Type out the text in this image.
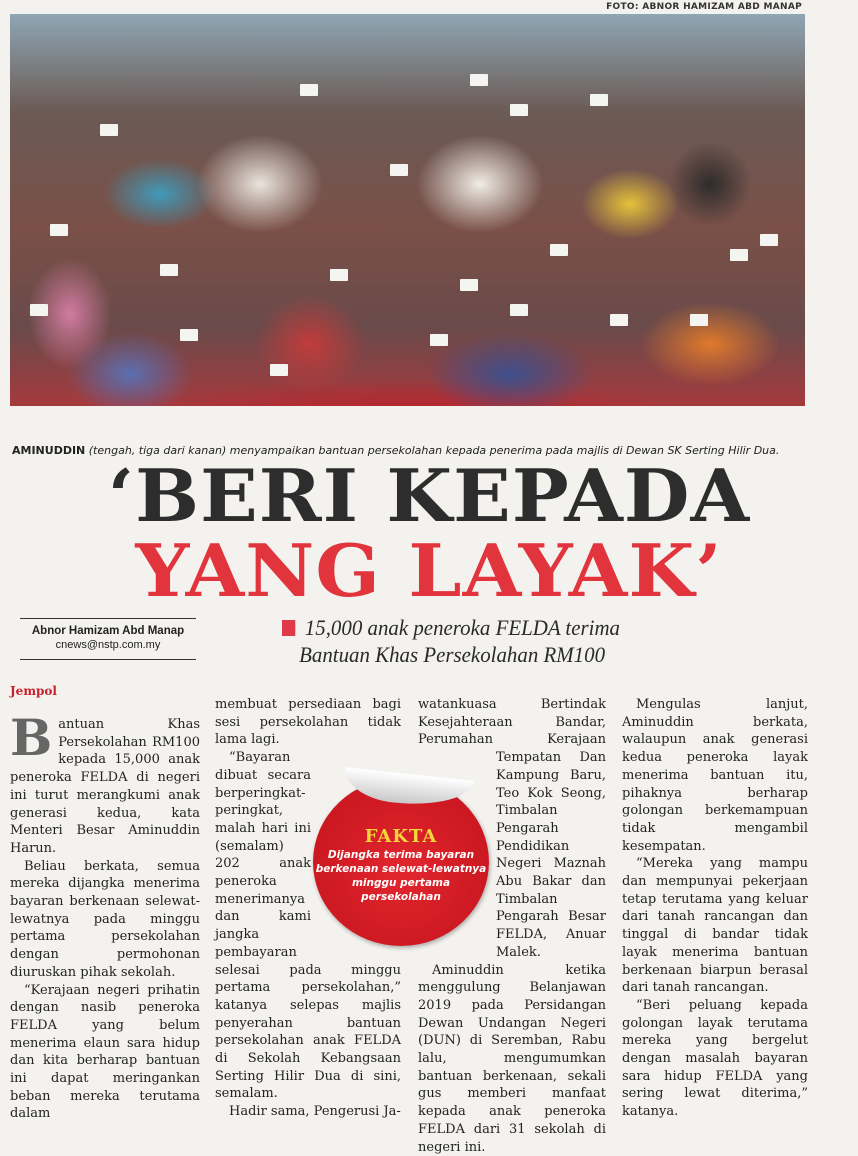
FOTO: ABNOR HAMIZAM ABD MANAP
AMINUDDIN (tengah, tiga dari kanan) menyampaikan bantuan persekolahan kepada penerima pada majlis di Dewan SK Serting Hilir Dua.
‘BERI KEPADA
YANG LAYAK’
Abnor Hamizam Abd Manap
cnews@nstp.com.my
15,000 anak peneroka FELDA terima
Bantuan Khas Persekolahan RM100
Jempol

Bantuan Khas Persekolahan RM100 kepada 15,000 anak peneroka FELDA di negeri ini turut merangkumi anak generasi kedua, kata Menteri Besar Aminuddin Harun.

Beliau berkata, semua mereka dijangka menerima bayaran berkenaan selewat-lewatnya pada minggu pertama persekolahan dengan permohonan diuruskan pihak sekolah.

“Kerajaan negeri prihatin dengan nasib peneroka FELDA yang belum menerima elaun sara hidup dan kita berharap bantuan ini dapat meringankan beban mereka terutama dalam

membuat persediaan bagi sesi persekolahan tidak lama lagi.

“Bayaran dibuat secara berperingkat-peringkat, malah hari ini (semalam) 202 anak peneroka menerimanya dan kami jangka pembayaran selesai pada minggu pertama persekolahan,” katanya selepas majlis penyerahan bantuan persekolahan anak FELDA di Sekolah Kebangsaan Serting Hilir Dua di sini, semalam.

Hadir sama, Pengerusi Ja-

watankuasa Bertindak Kesejahteraan Bandar, Perumahan Kerajaan Tempatan Dan Kampung Baru, Teo Kok Seong, Timbalan Pengarah Pendidikan Negeri Maznah Abu Bakar dan Timbalan Pengarah Besar FELDA, Anuar Malek.

Aminuddin ketika menggulung Belanjawan 2019 pada Persidangan Dewan Undangan Negeri (DUN) di Seremban, Rabu lalu, mengumumkan bantuan berkenaan, sekali gus memberi manfaat kepada anak peneroka FELDA dari 31 sekolah di negeri ini.

Mengulas lanjut, Aminuddin berkata, walaupun anak generasi kedua peneroka layak menerima bantuan itu, pihaknya berharap golongan berkemampuan tidak mengambil kesempatan.

“Mereka yang mampu dan mempunyai pekerjaan tetap terutama yang keluar dari tanah rancangan dan tinggal di bandar tidak layak menerima bantuan berkenaan biarpun berasal dari tanah rancangan.

“Beri peluang kepada golongan layak terutama mereka yang bergelut dengan masalah bayaran sara hidup FELDA yang sering lewat diterima,” katanya.

FAKTA
Dijangka terima bayaran berkenaan selewat-lewatnya minggu pertama persekolahan
